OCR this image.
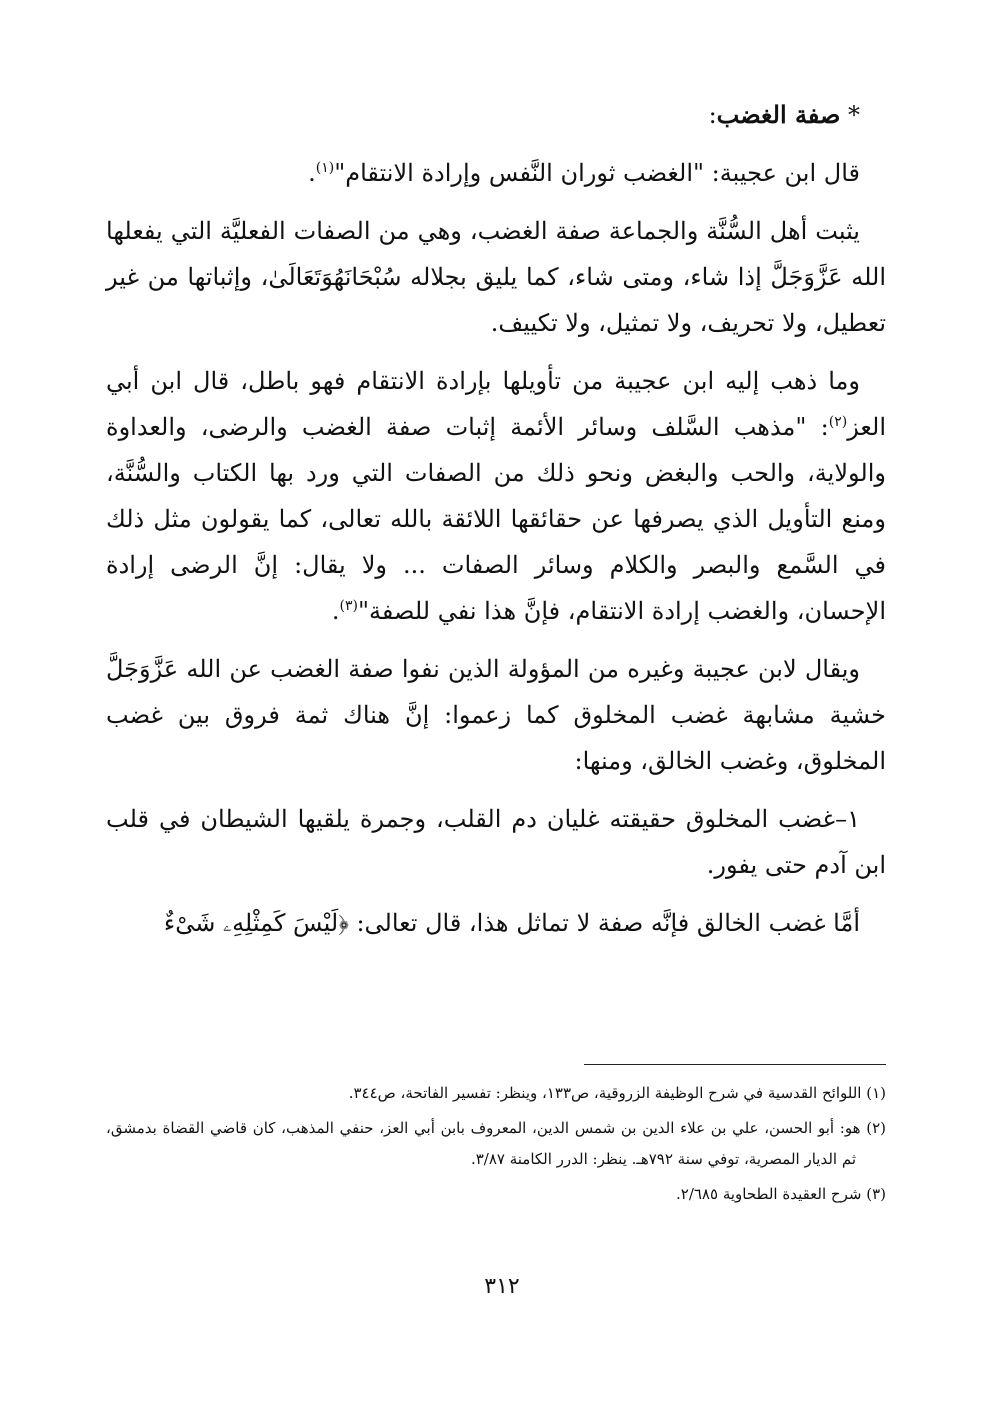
* صفة الغضب:

قال ابن عجيبة: "الغضب ثوران النَّفس وإرادة الانتقام"$^{(١)}$.

يثبت أهل السُّنَّة والجماعة صفة الغضب، وهي من الصفات الفعليَّة التي يفعلها الله عَزَّوَجَلَّ إذا شاء، ومتى شاء، كما يليق بجلاله سُبْحَانَهُوَتَعَالَىٰ، وإثباتها من غير تعطيل، ولا تحريف، ولا تمثيل، ولا تكييف.

وما ذهب إليه ابن عجيبة من تأويلها بإرادة الانتقام فهو باطل، قال ابن أبي العز$^{(٢)}$: "مذهب السَّلف وسائر الأئمة إثبات صفة الغضب والرضى، والعداوة والولاية، والحب والبغض ونحو ذلك من الصفات التي ورد بها الكتاب والسُّنَّة، ومنع التأويل الذي يصرفها عن حقائقها اللائقة بالله تعالى، كما يقولون مثل ذلك في السَّمع والبصر والكلام وسائر الصفات ... ولا يقال: إنَّ الرضى إرادة الإحسان، والغضب إرادة الانتقام، فإنَّ هذا نفي للصفة"$^{(٣)}$.

ويقال لابن عجيبة وغيره من المؤولة الذين نفوا صفة الغضب عن الله عَزَّوَجَلَّ خشية مشابهة غضب المخلوق كما زعموا: إنَّ هناك ثمة فروق بين غضب المخلوق، وغضب الخالق، ومنها:

١–غضب المخلوق حقيقته غليان دم القلب، وجمرة يلقيها الشيطان في قلب ابن آدم حتى يفور.

أمَّا غضب الخالق فإنَّه صفة لا تماثل هذا، قال تعالى: ﴿لَيْسَ كَمِثْلِهِۦ شَىْءٌ

(١) اللوائح القدسية في شرح الوظيفة الزروقية، ص١٣٣، وينظر: تفسير الفاتحة، ص٣٤٤.

(٢) هو: أبو الحسن، علي بن علاء الدين بن شمس الدين، المعروف بابن أبي العز، حنفي المذهب، كان قاضي القضاة بدمشق، ثم الديار المصرية، توفي سنة ٧٩٢هـ. ينظر: الدرر الكامنة ٣/٨٧.

(٣) شرح العقيدة الطحاوية ٢/٦٨٥.

٣١٢
